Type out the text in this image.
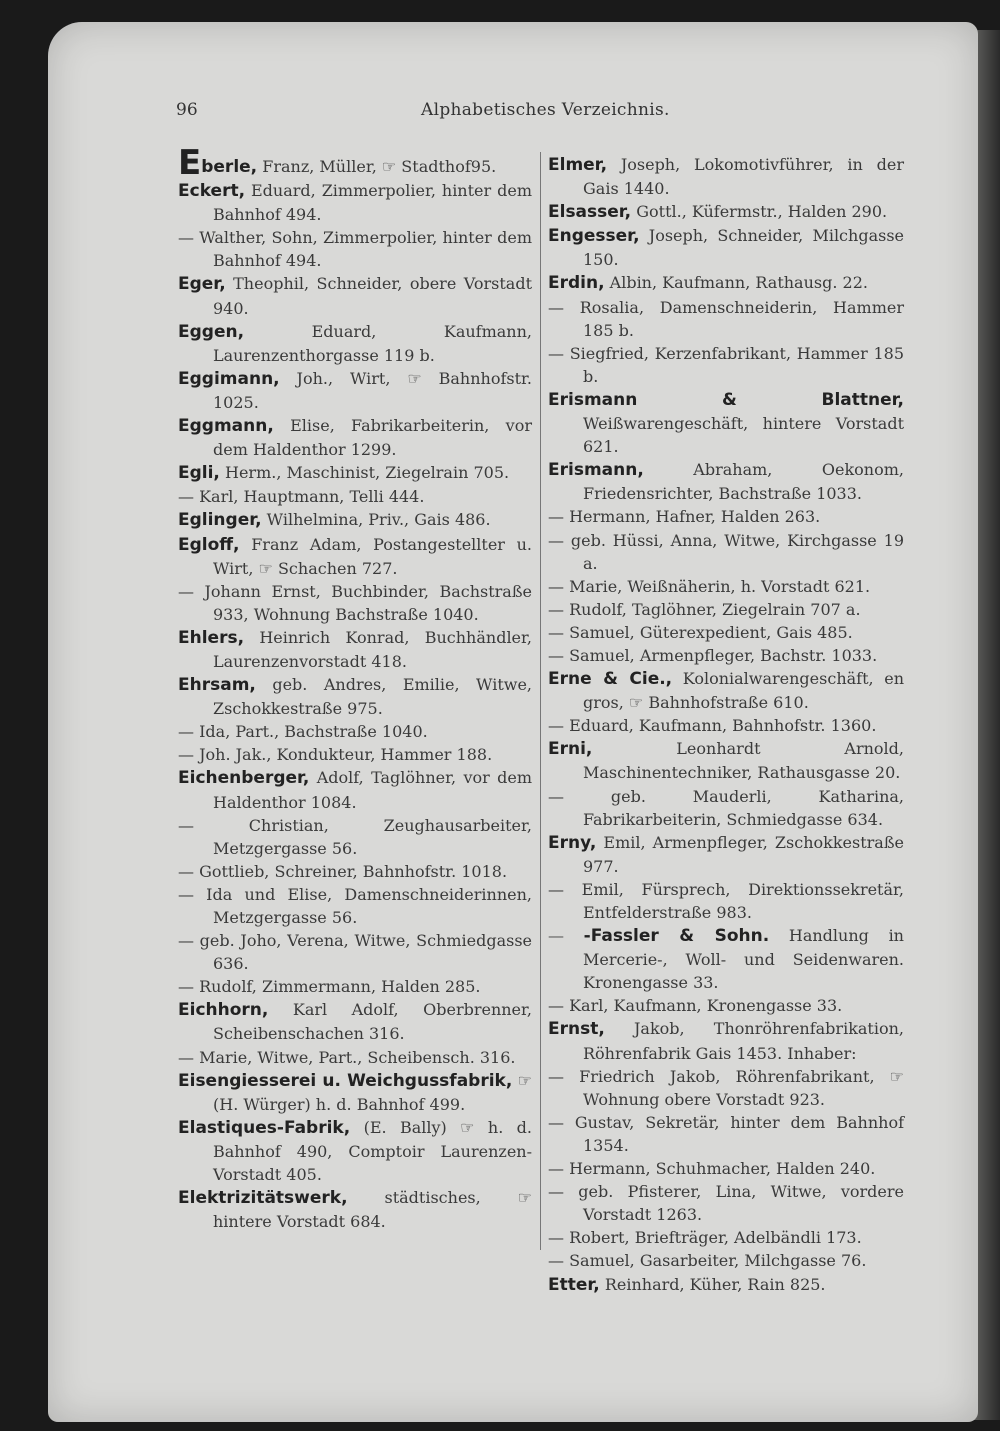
96	Alphabetisches Verzeichnis.

Eberle, Franz, Müller, ☞ Stadthof95.

Eckert, Eduard, Zimmerpolier, hinter dem Bahnhof 494.

— Walther, Sohn, Zimmerpolier, hinter dem Bahnhof 494.

Eger, Theophil, Schneider, obere Vorstadt 940.

Eggen, Eduard, Kaufmann, Laurenzenthorgasse 119 b.

Eggimann, Joh., Wirt, ☞ Bahnhofstr. 1025.

Eggmann, Elise, Fabrikarbeiterin, vor dem Haldenthor 1299.

Egli, Herm., Maschinist, Ziegelrain 705.

— Karl, Hauptmann, Telli 444.

Eglinger, Wilhelmina, Priv., Gais 486.

Egloff, Franz Adam, Postangestellter u. Wirt, ☞ Schachen 727.

— Johann Ernst, Buchbinder, Bachstraße 933, Wohnung Bachstraße 1040.

Ehlers, Heinrich Konrad, Buchhändler, Laurenzenvorstadt 418.

Ehrsam, geb. Andres, Emilie, Witwe, Zschokkestraße 975.

— Ida, Part., Bachstraße 1040.

— Joh. Jak., Kondukteur, Hammer 188.

Eichenberger, Adolf, Taglöhner, vor dem Haldenthor 1084.

— Christian, Zeughausarbeiter, Metzgergasse 56.

— Gottlieb, Schreiner, Bahnhofstr. 1018.

— Ida und Elise, Damenschneiderinnen, Metzgergasse 56.

— geb. Joho, Verena, Witwe, Schmiedgasse 636.

— Rudolf, Zimmermann, Halden 285.

Eichhorn, Karl Adolf, Oberbrenner, Scheibenschachen 316.

— Marie, Witwe, Part., Scheibensch. 316.

Eisengiesserei u. Weichgussfabrik, ☞ (H. Würger) h. d. Bahnhof 499.

Elastiques-Fabrik, (E. Bally) ☞ h. d. Bahnhof 490, Comptoir Laurenzen-Vorstadt 405.

Elektrizitätswerk, städtisches, ☞ hintere Vorstadt 684.

Elmer, Joseph, Lokomotivführer, in der Gais 1440.

Elsasser, Gottl., Küfermstr., Halden 290.

Engesser, Joseph, Schneider, Milchgasse 150.

Erdin, Albin, Kaufmann, Rathausg. 22.

— Rosalia, Damenschneiderin, Hammer 185 b.

— Siegfried, Kerzenfabrikant, Hammer 185 b.

Erismann & Blattner, Weißwarengeschäft, hintere Vorstadt 621.

Erismann, Abraham, Oekonom, Friedensrichter, Bachstraße 1033.

— Hermann, Hafner, Halden 263.

— geb. Hüssi, Anna, Witwe, Kirchgasse 19 a.

— Marie, Weißnäherin, h. Vorstadt 621.

— Rudolf, Taglöhner, Ziegelrain 707 a.

— Samuel, Güterexpedient, Gais 485.

— Samuel, Armenpfleger, Bachstr. 1033.

Erne & Cie., Kolonialwarengeschäft, en gros, ☞ Bahnhofstraße 610.

— Eduard, Kaufmann, Bahnhofstr. 1360.

Erni, Leonhardt Arnold, Maschinentechniker, Rathausgasse 20.

— geb. Mauderli, Katharina, Fabrikarbeiterin, Schmiedgasse 634.

Erny, Emil, Armenpfleger, Zschokkestraße 977.

— Emil, Fürsprech, Direktionssekretär, Entfelderstraße 983.

— -Fassler & Sohn. Handlung in Mercerie-, Woll- und Seidenwaren. Kronengasse 33.

— Karl, Kaufmann, Kronengasse 33.

Ernst, Jakob, Thonröhrenfabrikation, Röhrenfabrik Gais 1453. Inhaber:

— Friedrich Jakob, Röhrenfabrikant, ☞ Wohnung obere Vorstadt 923.

— Gustav, Sekretär, hinter dem Bahnhof 1354.

— Hermann, Schuhmacher, Halden 240.

— geb. Pfisterer, Lina, Witwe, vordere Vorstadt 1263.

— Robert, Briefträger, Adelbändli 173.

— Samuel, Gasarbeiter, Milchgasse 76.

Etter, Reinhard, Küher, Rain 825.
